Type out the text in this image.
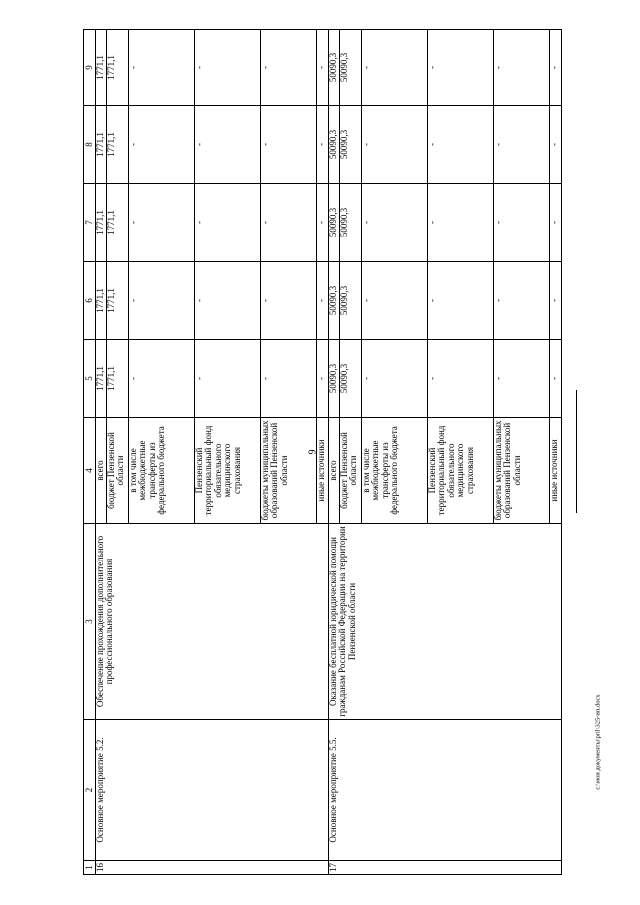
9
c:\мои документы\pril\325-ип.docx
1	2	3	4	5	6	7	8	9
16	Основное мероприятие 5.2.	Обеспечение прохождения дополнительного профессионального образования	всего	1771,1	1771,1	1771,1	1771,1	1771,1
			бюджет Пензенской области	1771,1	1771,1	1771,1	1771,1	1771,1
			в том числе межбюджетные трансферты из федерального бюджета	-	-	-	-	-
			Пензенский территориальный фонд обязательного медицинского страхования	-	-	-	-	-
			бюджеты муниципальных образований Пензенской области	-	-	-	-	-
			иные источники	-	-	-	-	-
17	Основное мероприятие 5.5.	Оказание бесплатной юридической помощи гражданам Российской Федерации на территории Пензенской области	всего	50090,3	50090,3	50090,3	50090,3	50090,3
			бюджет Пензенской области	50090,3	50090,3	50090,3	50090,3	50090,3
			в том числе межбюджетные трансферты из федерального бюджета	-	-	-	-	-
			Пензенский территориальный фонд обязательного медицинского страхования	-	-	-	-	-
			бюджеты муниципальных образований Пензенской области	-	-	-	-	-
			иные источники	-	-	-	-	-
